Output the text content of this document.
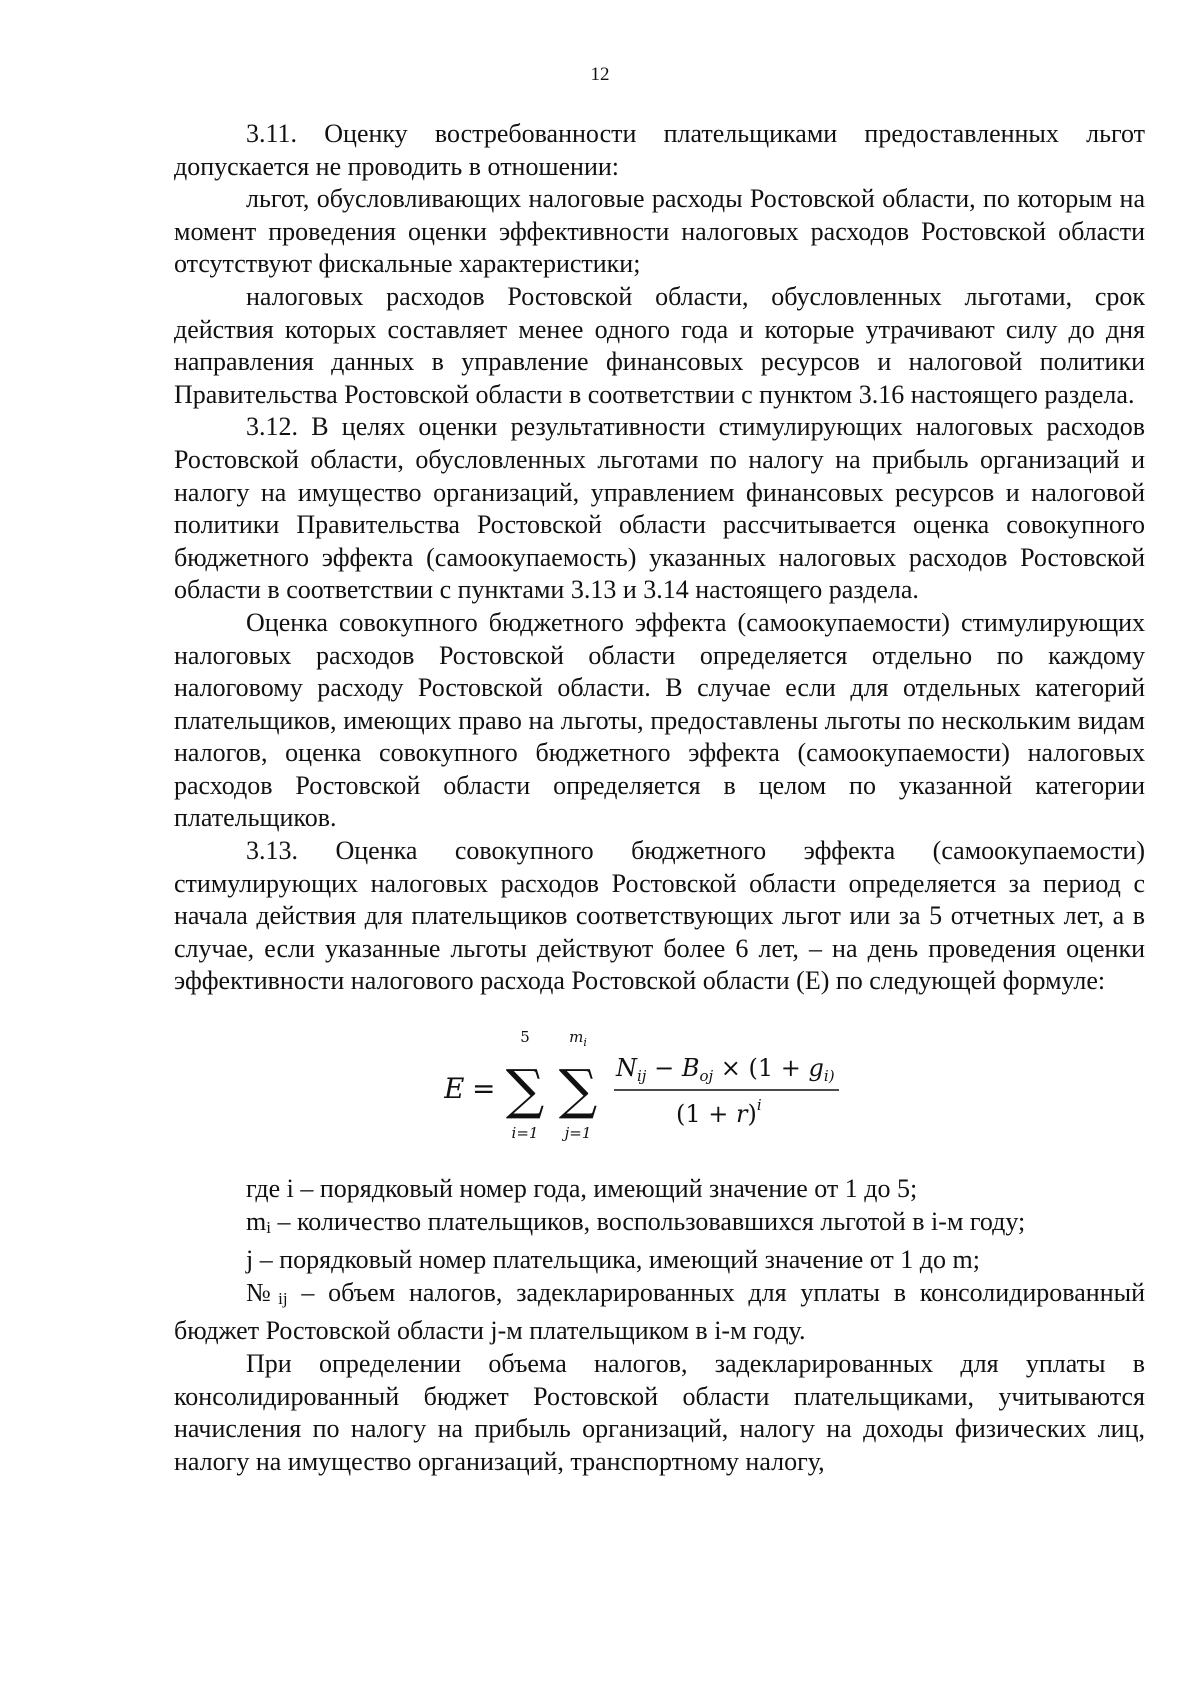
12

3.11. Оценку востребованности плательщиками предоставленных льгот допускается не проводить в отношении:

льгот, обусловливающих налоговые расходы Ростовской области, по которым на момент проведения оценки эффективности налоговых расходов Ростовской области отсутствуют фискальные характеристики;

налоговых расходов Ростовской области, обусловленных льготами, срок действия которых составляет менее одного года и которые утрачивают силу до дня направления данных в управление финансовых ресурсов и налоговой политики Правительства Ростовской области в соответствии с пунктом 3.16 настоящего раздела.

3.12. В целях оценки результативности стимулирующих налоговых расходов Ростовской области, обусловленных льготами по налогу на прибыль организаций и налогу на имущество организаций, управлением финансовых ресурсов и налоговой политики Правительства Ростовской области рассчитывается оценка совокупного бюджетного эффекта (самоокупаемость) указанных налоговых расходов Ростовской области в соответствии с пунктами 3.13 и 3.14 настоящего раздела.

Оценка совокупного бюджетного эффекта (самоокупаемости) стимулирующих налоговых расходов Ростовской области определяется отдельно по каждому налоговому расходу Ростовской области. В случае если для отдельных категорий плательщиков, имеющих право на льготы, предоставлены льготы по нескольким видам налогов, оценка совокупного бюджетного эффекта (самоокупаемости) налоговых расходов Ростовской области определяется в целом по указанной категории плательщиков.

3.13. Оценка совокупного бюджетного эффекта (самоокупаемости) стимулирующих налоговых расходов Ростовской области определяется за период с начала действия для плательщиков соответствующих льгот или за 5 отчетных лет, а в случае, если указанные льготы действуют более 6 лет, – на день проведения оценки эффективности налогового расхода Ростовской области (E) по следующей формуле:

E =
5
∑
i=1
$m_i$
∑
j=1
$N_{ij} - B_{oj} \times (1 + g_{i)}$
$(1 + r)^i$

где i – порядковый номер года, имеющий значение от 1 до 5;

mi – количество плательщиков, воспользовавшихся льготой в i-м году;

j – порядковый номер плательщика, имеющий значение от 1 до m;

№ij – объем налогов, задекларированных для уплаты в консолидированный бюджет Ростовской области j-м плательщиком в i-м году.

При определении объема налогов, задекларированных для уплаты в консолидированный бюджет Ростовской области плательщиками, учитываются начисления по налогу на прибыль организаций, налогу на доходы физических лиц, налогу на имущество организаций, транспортному налогу,
